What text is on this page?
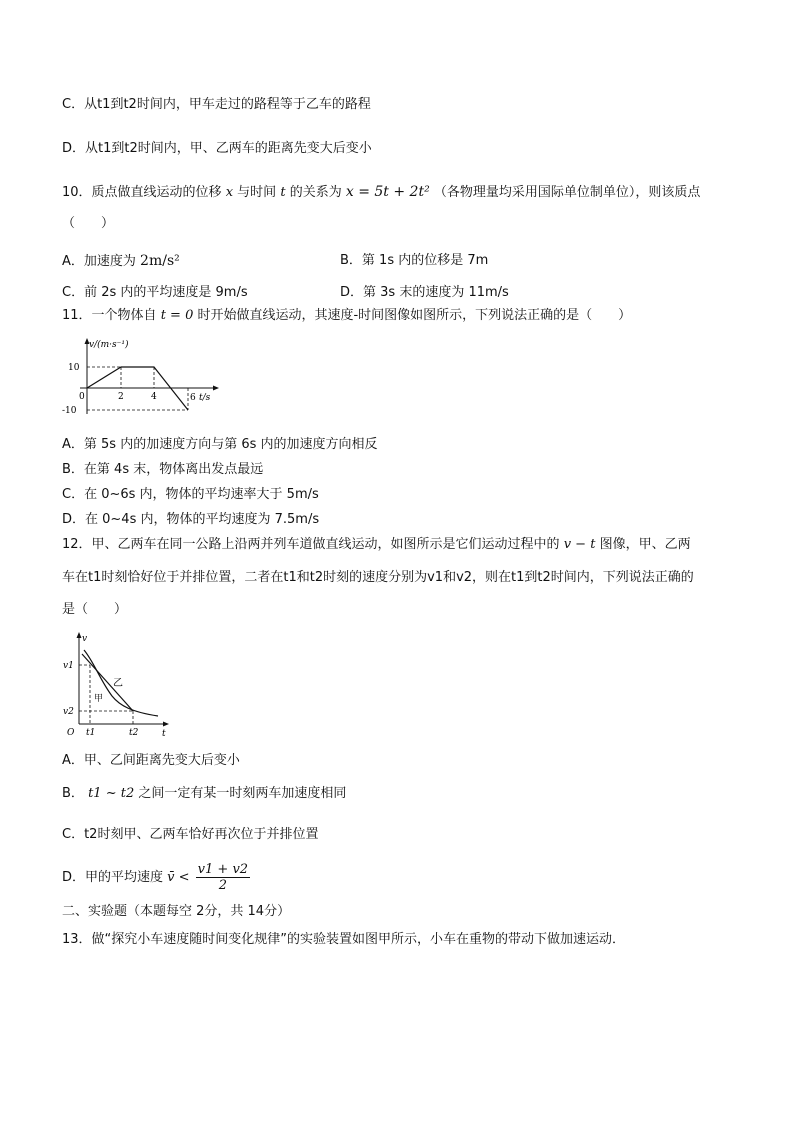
C．从t1到t2时间内，甲车走过的路程等于乙车的路程
D．从t1到t2时间内，甲、乙两车的距离先变大后变小
10．质点做直线运动的位移 x 与时间 t 的关系为 x = 5t + 2t² （各物理量均采用国际单位制单位），则该质点
（　　）
A．加速度为 2m/s²	B．第 1s 内的位移是 7m
C．前 2s 内的平均速度是 9m/s	D．第 3s 末的速度为 11m/s
11．一个物体自 t = 0 时开始做直线运动，其速度-时间图像如图所示，下列说法正确的是（　　）
v/(m·s⁻¹)
10
-10
0	2	4	6 t/s
A．第 5s 内的加速度方向与第 6s 内的加速度方向相反
B．在第 4s 末，物体离出发点最远
C．在 0~6s 内，物体的平均速率大于 5m/s
D．在 0~4s 内，物体的平均速度为 7.5m/s
12．甲、乙两车在同一公路上沿两并列车道做直线运动，如图所示是它们运动过程中的 v − t 图像，甲、乙两
车在t1时刻恰好位于并排位置，二者在t1和t2时刻的速度分别为v1和v2，则在t1到t2时间内，下列说法正确的
是（　　）
v
v1
v2
O t1	t2	t
甲
乙
A．甲、乙间距离先变大后变小
B． t1 ~ t2 之间一定有某一时刻两车加速度相同
C．t2时刻甲、乙两车恰好再次位于并排位置
D．甲的平均速度 v̄ < $\frac{v1 + v2}{2}$
二、实验题（本题每空 2分，共 14分）
13．做“探究小车速度随时间变化规律”的实验装置如图甲所示，小车在重物的带动下做加速运动．
